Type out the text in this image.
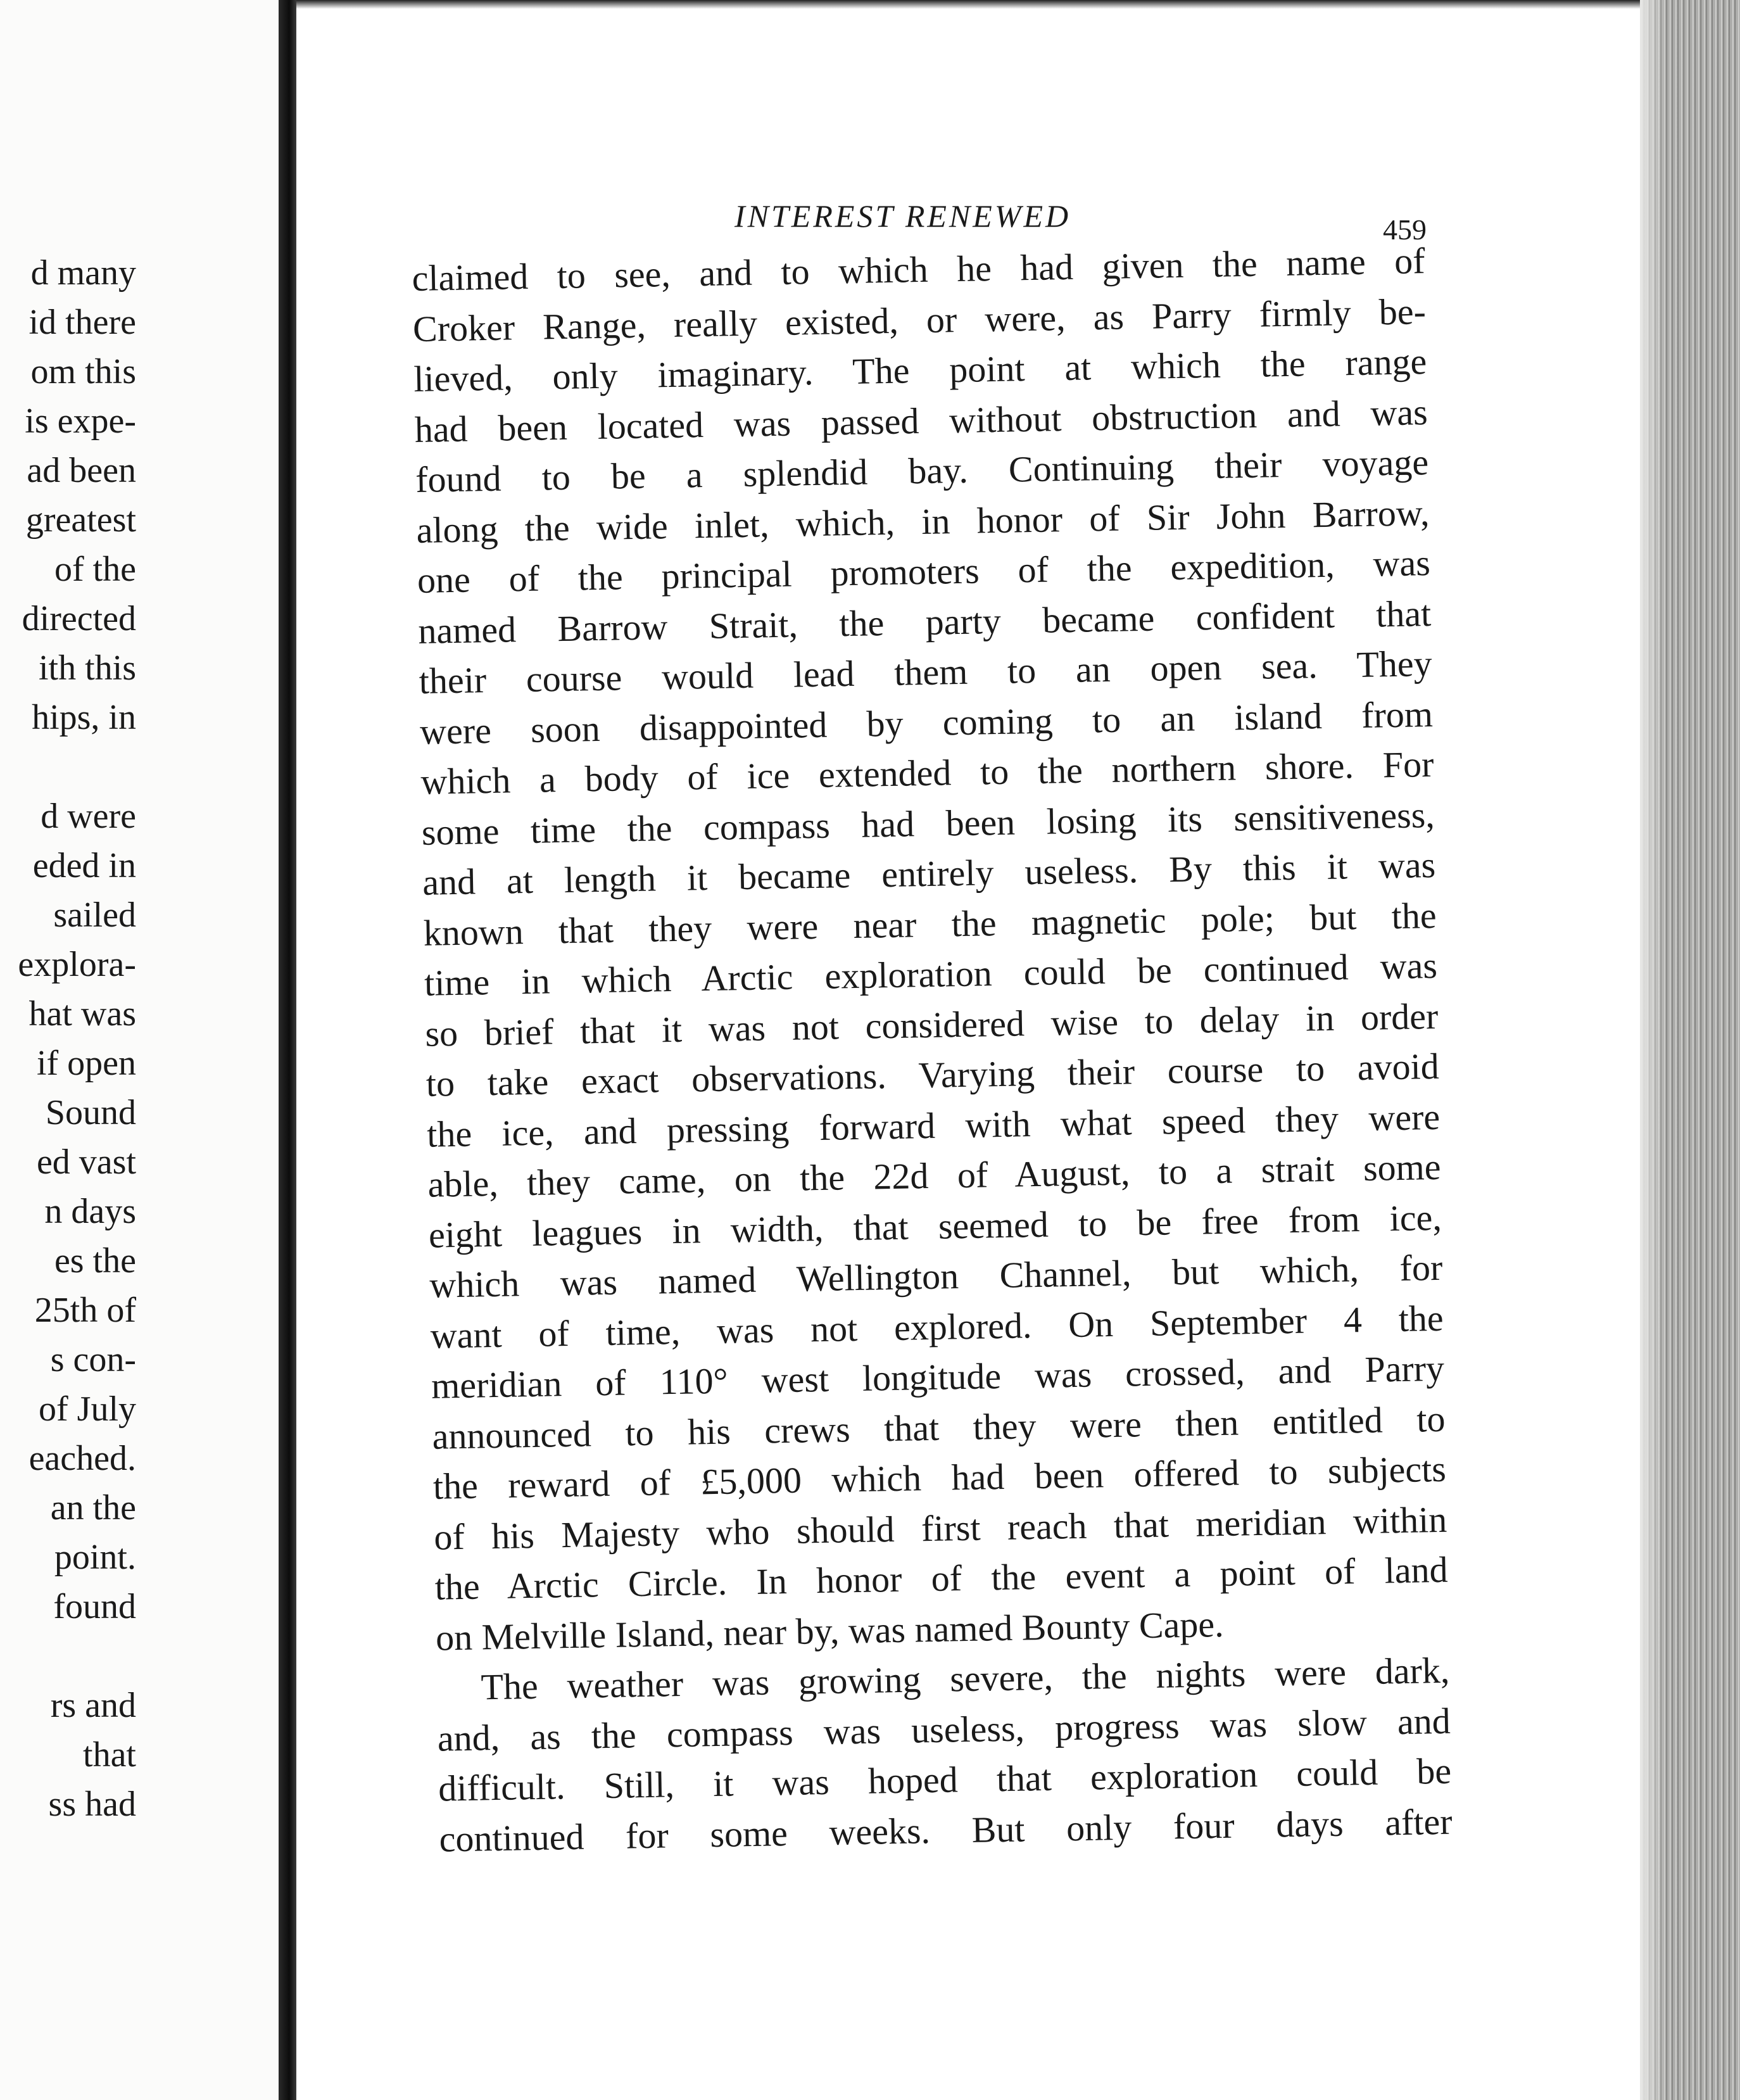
d many
id there
om this
is expe-
ad been
greatest
of the
directed
ith this
hips, in
d were
eded in
sailed
explora-
hat was
if open
Sound
ed vast
n days
es the
25th of
s con-
of July
eached.
an the
point.
found
rs and
that
ss had
INTEREST RENEWED	459
claimed to see, and to which he had given the name of
Croker Range, really existed, or were, as Parry firmly be-
lieved, only imaginary. The point at which the range
had been located was passed without obstruction and was
found to be a splendid bay. Continuing their voyage
along the wide inlet, which, in honor of Sir John Barrow,
one of the principal promoters of the expedition, was
named Barrow Strait, the party became confident that
their course would lead them to an open sea. They
were soon disappointed by coming to an island from
which a body of ice extended to the northern shore. For
some time the compass had been losing its sensitiveness,
and at length it became entirely useless. By this it was
known that they were near the magnetic pole; but the
time in which Arctic exploration could be continued was
so brief that it was not considered wise to delay in order
to take exact observations. Varying their course to avoid
the ice, and pressing forward with what speed they were
able, they came, on the 22d of August, to a strait some
eight leagues in width, that seemed to be free from ice,
which was named Wellington Channel, but which, for
want of time, was not explored. On September 4 the
meridian of 110° west longitude was crossed, and Parry
announced to his crews that they were then entitled to
the reward of £5,000 which had been offered to subjects
of his Majesty who should first reach that meridian within
the Arctic Circle. In honor of the event a point of land
on Melville Island, near by, was named Bounty Cape.
The weather was growing severe, the nights were dark,
and, as the compass was useless, progress was slow and
difficult. Still, it was hoped that exploration could be
continued for some weeks. But only four days after
